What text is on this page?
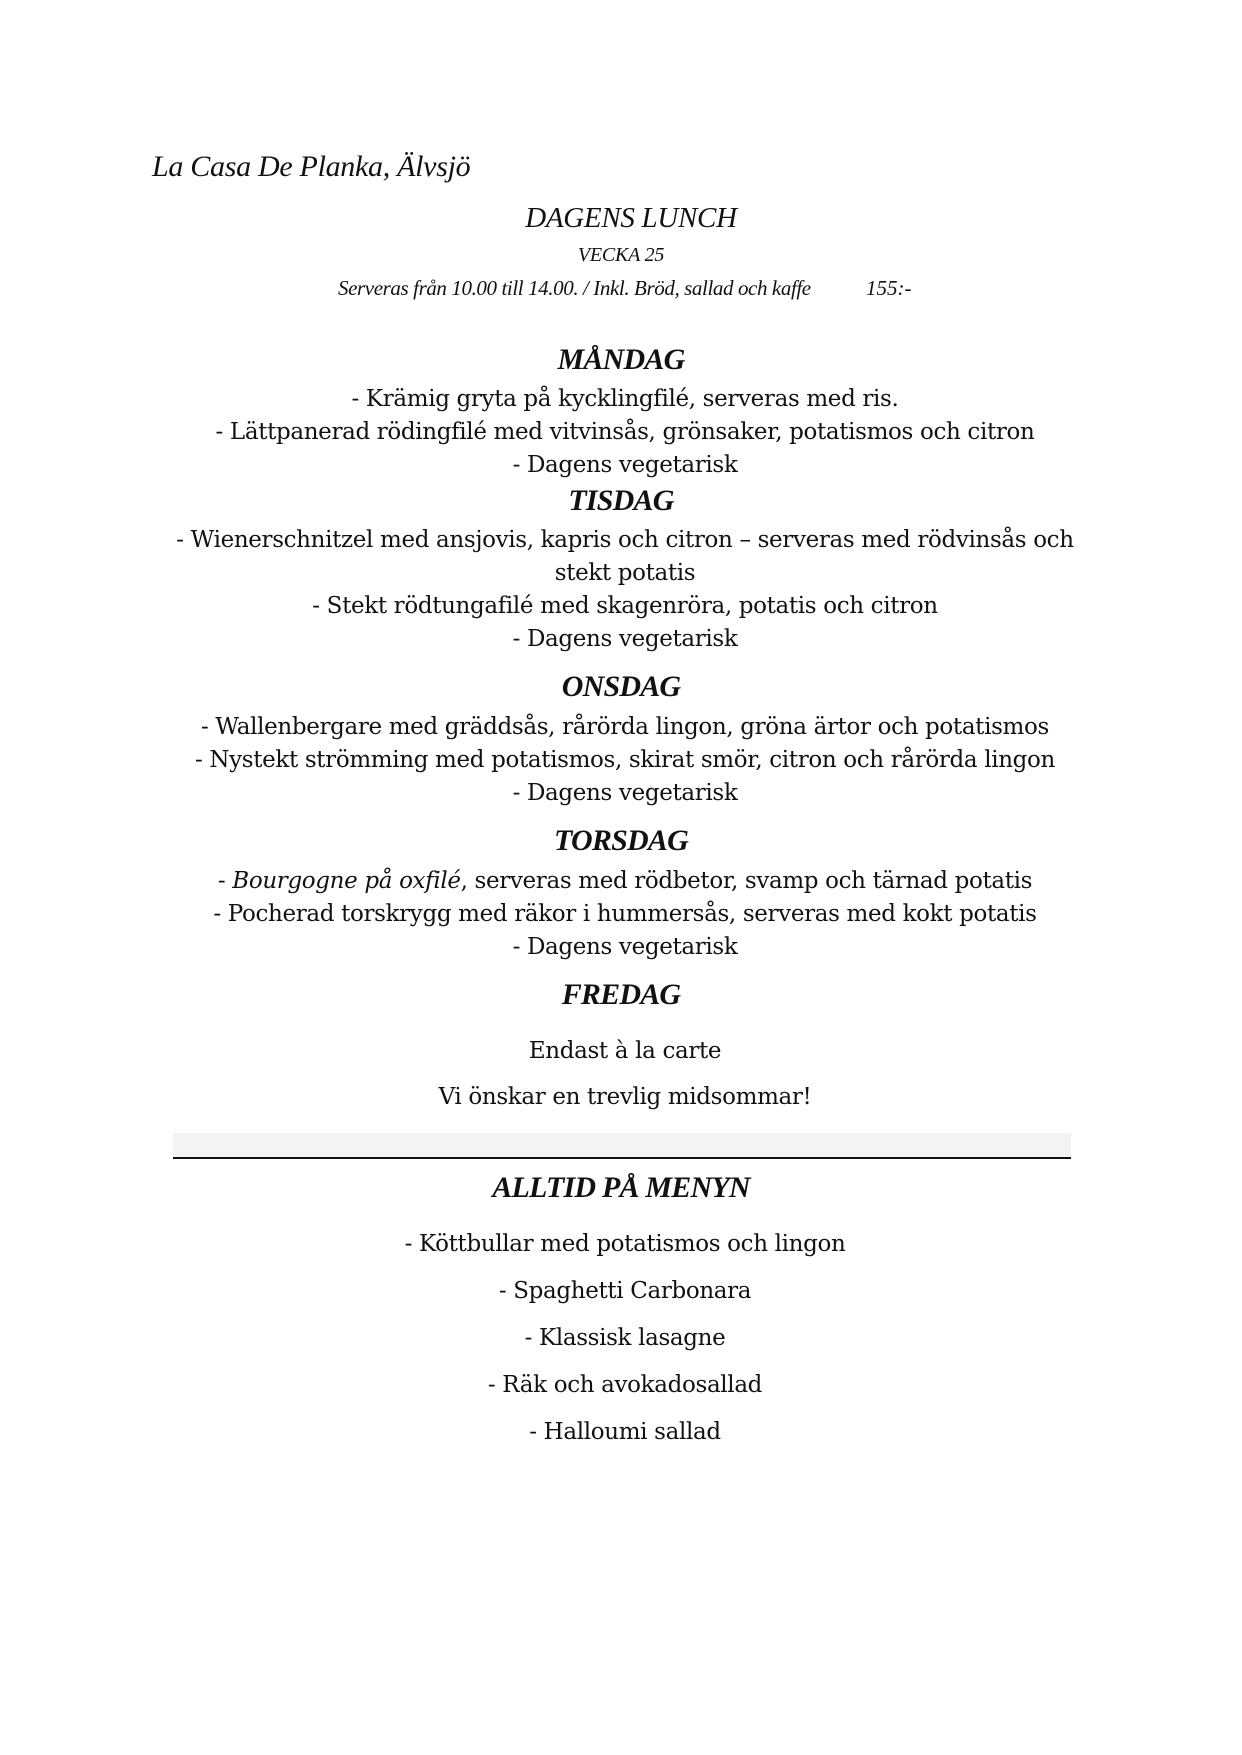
La Casa De Planka, Älvsjö
DAGENS LUNCH
VECKA 25
Serveras från 10.00 till 14.00. / Inkl. Bröd, sallad och kaffe	155:-
MÅNDAG
- Krämig gryta på kycklingfilé, serveras med ris.
- Lättpanerad rödingfilé med vitvinsås, grönsaker, potatismos och citron
- Dagens vegetarisk
TISDAG
- Wienerschnitzel med ansjovis, kapris och citron – serveras med rödvinsås och stekt potatis
- Stekt rödtungafilé med skagenröra, potatis och citron
- Dagens vegetarisk
ONSDAG
- Wallenbergare med gräddsås, rårörda lingon, gröna ärtor och potatismos
- Nystekt strömming med potatismos, skirat smör, citron och rårörda lingon
- Dagens vegetarisk
TORSDAG
- Bourgogne på oxfilé, serveras med rödbetor, svamp och tärnad potatis
- Pocherad torskrygg med räkor i hummersås, serveras med kokt potatis
- Dagens vegetarisk
FREDAG
Endast à la carte
Vi önskar en trevlig midsommar!
ALLTID PÅ MENYN
- Köttbullar med potatismos och lingon
- Spaghetti Carbonara
- Klassisk lasagne
- Räk och avokadosallad
- Halloumi sallad
